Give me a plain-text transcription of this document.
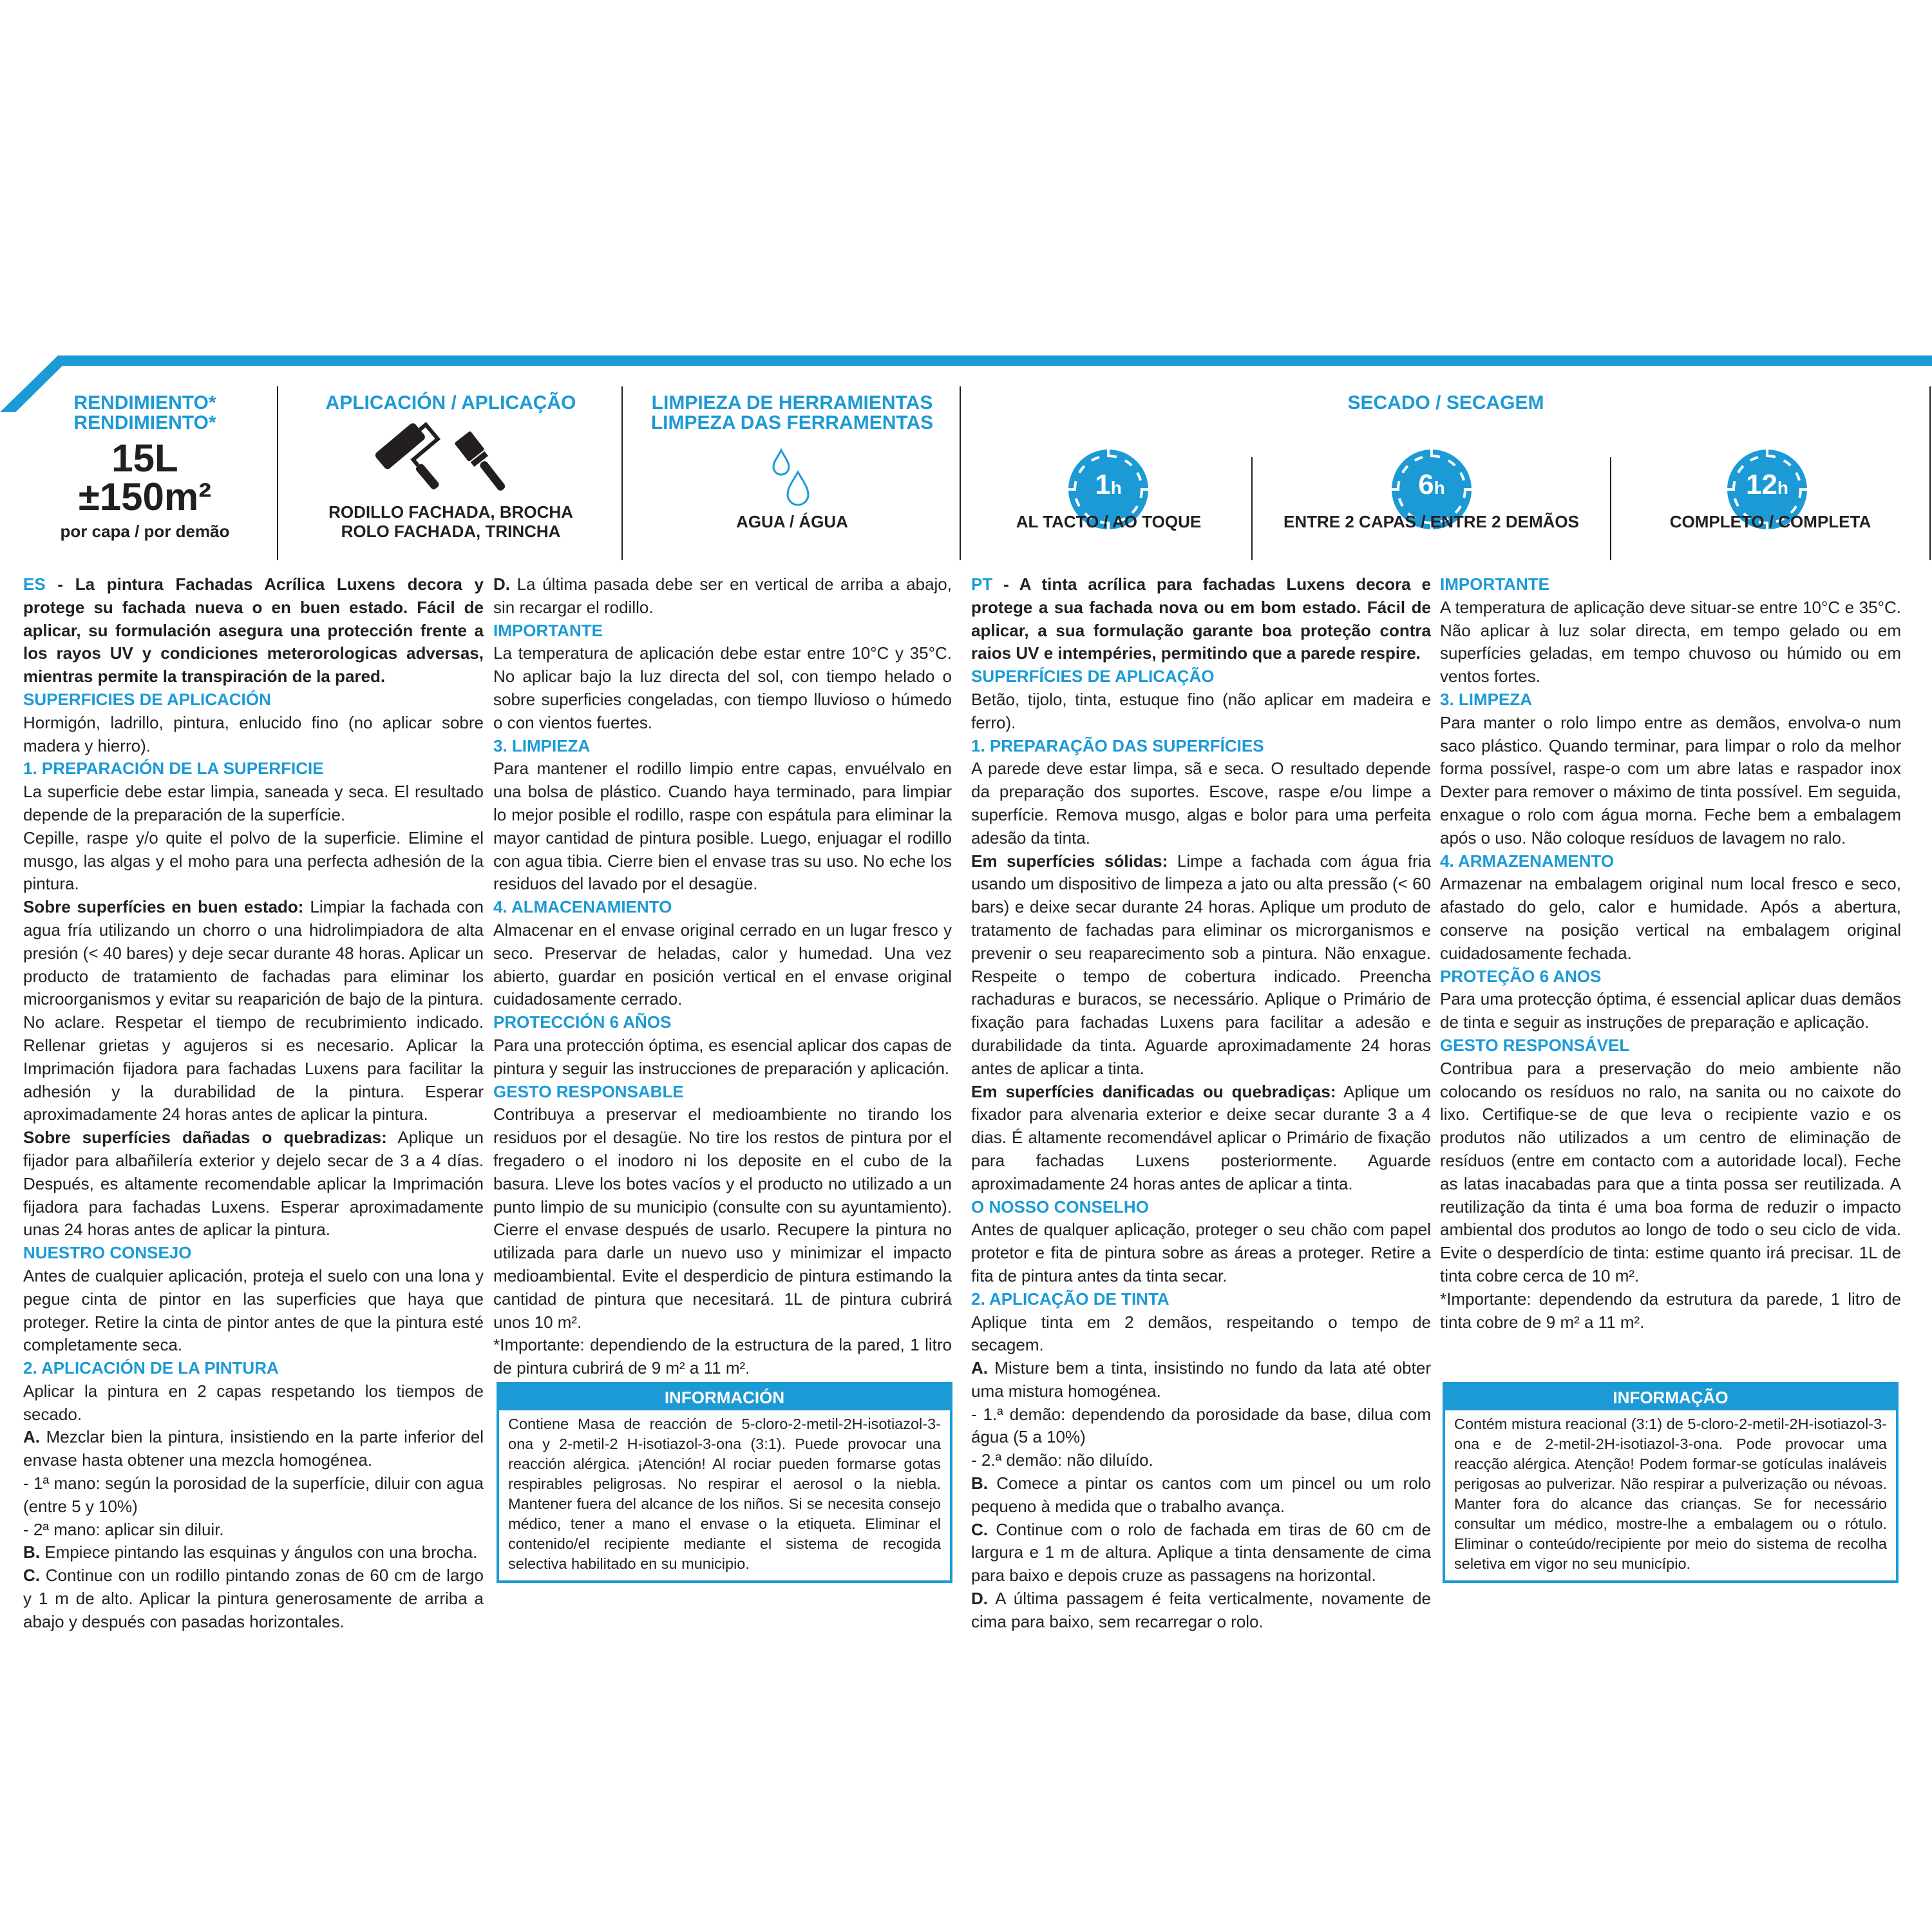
RENDIMIENTO*
RENDIMIENTO*
15L
±150m²
por capa / por demão
APLICACIÓN / APLICAÇÃO
RODILLO FACHADA, BROCHA
ROLO FACHADA, TRINCHA
LIMPIEZA DE HERRAMIENTAS
LIMPEZA DAS FERRAMENTAS
AGUA / ÁGUA
SECADO / SECAGEM
1h
AL TACTO / AO TOQUE
6h
ENTRE 2 CAPAS / ENTRE 2 DEMÃOS
12h
COMPLETO / COMPLETA

ES - La pintura Fachadas Acrílica Luxens decora y protege su fachada nueva o en buen estado. Fácil de aplicar, su formulación asegura una protección frente a los rayos UV y condiciones meterorologicas adversas, mientras permite la transpiración de la pared.

SUPERFICIES DE APLICACIÓN

Hormigón, ladrillo, pintura, enlucido fino (no aplicar sobre madera y hierro).

1. PREPARACIÓN DE LA SUPERFICIE

La superficie debe estar limpia, saneada y seca. El resultado depende de la preparación de la superfície.

Cepille, raspe y/o quite el polvo de la superficie. Elimine el musgo, las algas y el moho para una perfecta adhesión de la pintura.

Sobre superfícies en buen estado: Limpiar la fachada con agua fría utilizando un chorro o una hidrolimpiadora de alta presión (< 40 bares) y deje secar durante 48 horas. Aplicar un producto de tratamiento de fachadas para eliminar los microorganismos y evitar su reaparición de bajo de la pintura. No aclare. Respetar el tiempo de recubrimiento indicado. Rellenar grietas y agujeros si es necesario. Aplicar la Imprimación fijadora para fachadas Luxens para facilitar la adhesión y la durabilidad de la pintura. Esperar aproximadamente 24 horas antes de aplicar la pintura.

Sobre superfícies dañadas o quebradizas: Aplique un fijador para albañilería exterior y dejelo secar de 3 a 4 días. Después, es altamente recomendable aplicar la Imprimación fijadora para fachadas Luxens. Esperar aproximadamente unas 24 horas antes de aplicar la pintura.

NUESTRO CONSEJO

Antes de cualquier aplicación, proteja el suelo con una lona y pegue cinta de pintor en las superficies que haya que proteger. Retire la cinta de pintor antes de que la pintura esté completamente seca.

2. APLICACIÓN DE LA PINTURA

Aplicar la pintura en 2 capas respetando los tiempos de secado.

A. Mezclar bien la pintura, insistiendo en la parte inferior del envase hasta obtener una mezcla homogénea.

- 1ª mano: según la porosidad de la superfície, diluir con agua (entre 5 y 10%)

- 2ª mano: aplicar sin diluir.

B. Empiece pintando las esquinas y ángulos con una brocha.

C. Continue con un rodillo pintando zonas de 60 cm de largo y 1 m de alto. Aplicar la pintura generosamente de arriba a abajo y después con pasadas horizontales.

D. La última pasada debe ser en vertical de arriba a abajo, sin recargar el rodillo.

IMPORTANTE

La temperatura de aplicación debe estar entre 10°C y 35°C. No aplicar bajo la luz directa del sol, con tiempo helado o sobre superficies congeladas, con tiempo lluvioso o húmedo o con vientos fuertes.

3. LIMPIEZA

Para mantener el rodillo limpio entre capas, envuélvalo en una bolsa de plástico. Cuando haya terminado, para limpiar lo mejor posible el rodillo, raspe con espátula para eliminar la mayor cantidad de pintura posible. Luego, enjuagar el rodillo con agua tibia. Cierre bien el envase tras su uso. No eche los residuos del lavado por el desagüe.

4. ALMACENAMIENTO

Almacenar en el envase original cerrado en un lugar fresco y seco. Preservar de heladas, calor y humedad. Una vez abierto, guardar en posición vertical en el envase original cuidadosamente cerrado.

PROTECCIÓN 6 AÑOS

Para una protección óptima, es esencial aplicar dos capas de pintura y seguir las instrucciones de preparación y aplicación.

GESTO RESPONSABLE

Contribuya a preservar el medioambiente no tirando los residuos por el desagüe. No tire los restos de pintura por el fregadero o el inodoro ni los deposite en el cubo de la basura. Lleve los botes vacíos y el producto no utilizado a un punto limpio de su municipio (consulte con su ayuntamiento). Cierre el envase después de usarlo. Recupere la pintura no utilizada para darle un nuevo uso y minimizar el impacto medioambiental. Evite el desperdicio de pintura estimando la cantidad de pintura que necesitará. 1L de pintura cubrirá unos 10 m².

*Importante: dependiendo de la estructura de la pared, 1 litro de pintura cubrirá de 9 m² a 11 m².

INFORMACIÓN
Contiene Masa de reacción de 5-cloro-2-metil-2H-isotiazol-3-ona y 2-metil-2 H-isotiazol-3-ona (3:1). Puede provocar una reacción alérgica. ¡Atención! Al rociar pueden formarse gotas respirables peligrosas. No respirar el aerosol o la niebla. Mantener fuera del alcance de los niños. Si se necesita consejo médico, tener a mano el envase o la etiqueta. Eliminar el contenido/el recipiente mediante el sistema de recogida selectiva habilitado en su municipio.

PT - A tinta acrílica para fachadas Luxens decora e protege a sua fachada nova ou em bom estado. Fácil de aplicar, a sua formulação garante boa proteção contra raios UV e intempéries, permitindo que a parede respire.

SUPERFÍCIES DE APLICAÇÃO

Betão, tijolo, tinta, estuque fino (não aplicar em madeira e ferro).

1. PREPARAÇÃO DAS SUPERFÍCIES

A parede deve estar limpa, sã e seca. O resultado depende da preparação dos suportes. Escove, raspe e/ou limpe a superfície. Remova musgo, algas e bolor para uma perfeita adesão da tinta.

Em superfícies sólidas: Limpe a fachada com água fria usando um dispositivo de limpeza a jato ou alta pressão (< 60 bars) e deixe secar durante 24 horas. Aplique um produto de tratamento de fachadas para eliminar os microrganismos e prevenir o seu reaparecimento sob a pintura. Não enxague. Respeite o tempo de cobertura indicado. Preencha rachaduras e buracos, se necessário. Aplique o Primário de fixação para fachadas Luxens para facilitar a adesão e durabilidade da tinta. Aguarde aproximadamente 24 horas antes de aplicar a tinta.

Em superfícies danificadas ou quebradiças: Aplique um fixador para alvenaria exterior e deixe secar durante 3 a 4 dias. É altamente recomendável aplicar o Primário de fixação para fachadas Luxens posteriormente. Aguarde aproximadamente 24 horas antes de aplicar a tinta.

O NOSSO CONSELHO

Antes de qualquer aplicação, proteger o seu chão com papel protetor e fita de pintura sobre as áreas a proteger. Retire a fita de pintura antes da tinta secar.

2. APLICAÇÃO DE TINTA

Aplique tinta em 2 demãos, respeitando o tempo de secagem.

A. Misture bem a tinta, insistindo no fundo da lata até obter uma mistura homogénea.

- 1.ª demão: dependendo da porosidade da base, dilua com água (5 a 10%)

- 2.ª demão: não diluído.

B. Comece a pintar os cantos com um pincel ou um rolo pequeno à medida que o trabalho avança.

C. Continue com o rolo de fachada em tiras de 60 cm de largura e 1 m de altura. Aplique a tinta densamente de cima para baixo e depois cruze as passagens na horizontal.

D. A última passagem é feita verticalmente, novamente de cima para baixo, sem recarregar o rolo.

IMPORTANTE

A temperatura de aplicação deve situar-se entre 10°C e 35°C. Não aplicar à luz solar directa, em tempo gelado ou em superfícies geladas, em tempo chuvoso ou húmido ou em ventos fortes.

3. LIMPEZA

Para manter o rolo limpo entre as demãos, envolva-o num saco plástico. Quando terminar, para limpar o rolo da melhor forma possível, raspe-o com um abre latas e raspador inox Dexter para remover o máximo de tinta possível. Em seguida, enxague o rolo com água morna. Feche bem a embalagem após o uso. Não coloque resíduos de lavagem no ralo.

4. ARMAZENAMENTO

Armazenar na embalagem original num local fresco e seco, afastado do gelo, calor e humidade. Após a abertura, conserve na posição vertical na embalagem original cuidadosamente fechada.

PROTEÇÃO 6 ANOS

Para uma protecção óptima, é essencial aplicar duas demãos de tinta e seguir as instruções de preparação e aplicação.

GESTO RESPONSÁVEL

Contribua para a preservação do meio ambiente não colocando os resíduos no ralo, na sanita ou no caixote do lixo. Certifique-se de que leva o recipiente vazio e os produtos não utilizados a um centro de eliminação de resíduos (entre em contacto com a autoridade local). Feche as latas inacabadas para que a tinta possa ser reutilizada. A reutilização da tinta é uma boa forma de reduzir o impacto ambiental dos produtos ao longo de todo o seu ciclo de vida. Evite o desperdício de tinta: estime quanto irá precisar. 1L de tinta cobre cerca de 10 m².

*Importante: dependendo da estrutura da parede, 1 litro de tinta cobre de 9 m² a 11 m².

INFORMAÇÃO
Contém mistura reacional (3:1) de 5-cloro-2-metil-2H-isotiazol-3-ona e de 2-metil-2H-isotiazol-3-ona. Pode provocar uma reacção alérgica. Atenção! Podem formar-se gotículas inaláveis perigosas ao pulverizar. Não respirar a pulverização ou névoas. Manter fora do alcance das crianças. Se for necessário consultar um médico, mostre-lhe a embalagem ou o rótulo. Eliminar o conteúdo/recipiente por meio do sistema de recolha seletiva em vigor no seu município.
